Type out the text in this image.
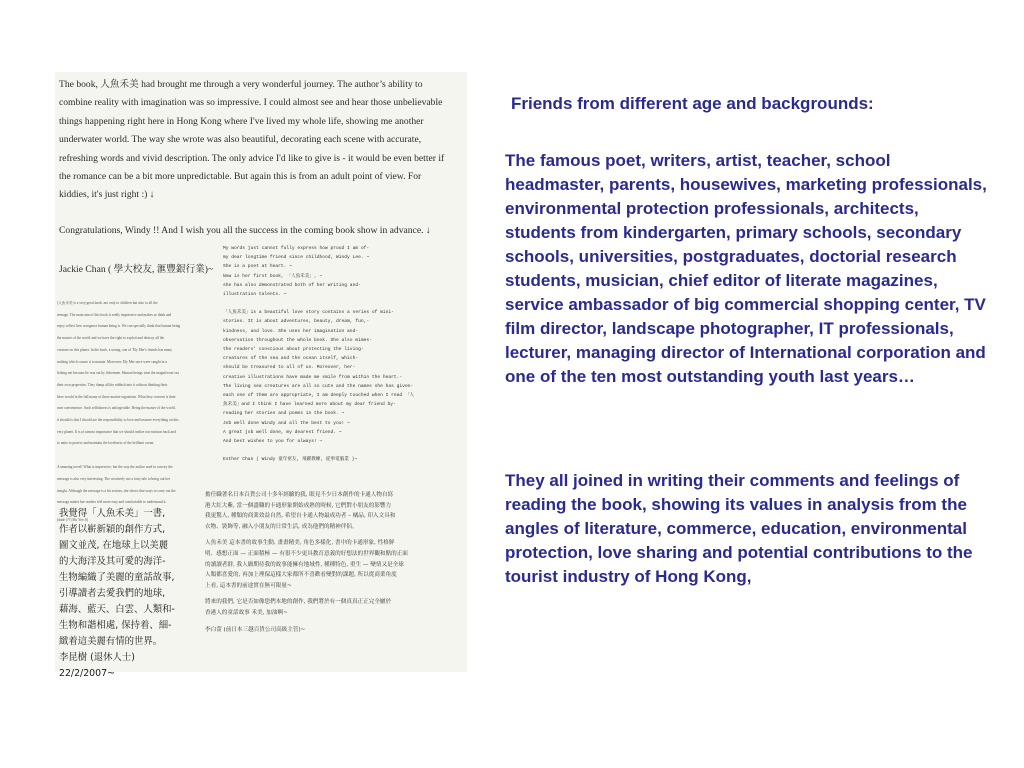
The book, 人魚禾美 had brought me through a very wonderful journey. The author’s ability to

combine reality with imagination was so impressive. I could almost see and hear those unbelievable

things happening right here in Hong Kong where I've lived my whole life, showing me another

underwater world. The way she wrote was also beautiful, decorating each scene with accurate,

refreshing words and vivid description. The only advice I'd like to give is - it would be even better if

the romance can be a bit more unpredictable. But again this is from an adult point of view. For

kiddies, it's just right :) ↓

Congratulations, Windy !! And I wish you all the success in the coming book show in advance. ↓

Jackie Chan ( 學大校友, 滙豐銀行業)~

(人魚禾美 is a very great book, not only to children but also to all the

teenage. The main aim of this book is really impressive and makes us think and

enjoy reflect how arrogance human being is. We can specially think that human being

the master of the world and we have the right to exploit and destroy all the

creature on this planet. In the book, a strong, one of 'Ely Mer's friends has many

nothing which causes it to mutate. Moreover, Ely Mer once were caught in a

fishing net because he was eat by fishermen. Human beings treat the magnificent sea

their own properties. They dump all the rubbish into it without thinking their

have would in the full many of these marine organisms. What they concern is their

own convenience. Such selfishness is unforgivable. Being the master of the world,

it should is that I should are the responsibility to love and treasure everything on this

very planet. It is of utmost importance that we should realize our mission back and

to unite to protect and maintain the loveliness of the brilliant ocean.

A amazing novel! What is impressive, but the way the author used to convey the

message is also very interesting. The creatively use a fairy tale to bring out her

insight. Although the message is a bit serious, she shows that ways to carry out the

message makes her readers feel more easy and comfortable to understand it.

(dade (??) Mx Yee Ji)

My words just cannot fully express how proud I am of-

my dear longtime friend since childhood, Windy Lee. ~

She is a poet at heart. ~

Now is her first book, 「人魚禾美」, ~

she has also demonstrated both of her writing and-

illustration talents. ~

「人魚禾美」is a beautiful love story contains a series of mini-

stories. It is about adventures, beauty, dream, fun,-

kindness, and love. She uses her imagination and-

observation throughout the whole book. She also mimes-

the readers' conscious about protecting the living-

creatures of the sea and the ocean itself, which-

should be treasured to all of us. Moreover, her-

creative illustrations have made me smile from within the heart.-

The living sea creatures are all so cute and the names she has given-

each one of them are appropriate, I am deeply touched when I read 「人

魚禾美」and I think I have learned more about my dear friend by-

reading her stories and poems in the book. ~

Job well done Windy and all the best to you! ~

A great job well done, my dearest friend. ~

And best wishes to you for always! ~

Esther Chan ( Windy 童年密友, 飛躍教練, 從事電腦業 )~

擔任職著名日本百貨公司十多年經驗的我, 眼見不少日本創作的卡通人物自寫

港大紅大紫, 當一個盡職的卡通形象開始成熟的時候, 它們對小朋友的影響力

我更驚人, 種類的商業效益自然, 希望自卡通人物最成功者 – 橘品, 印入文具和

衣物、裝飾等, 融入小朋友的日常生活, 成為他們的精神伴侶。

人魚禾美 這本書的故事生動, 畫畫精美, 角色多樣化, 書中的卡通形象, 性格鮮

明、感想正面 — 正面積極 — 有很不少更具教育意義的好想法的世界觀和點的正面

的讀讀者群, 我人願期待我的故事能擁有地域性, 種種特色, 重生 — 變情又是全球

人類都喜愛的, 再加上理保這樣大家都所不喜歡看變對的課題, 所以從商業角度

上看, 這本書的前途實在無可限量~

將來的我們, 它是否如像您們本地的創作, 我們將於有一個真真正正完全屬於

香港人的童話故事 禾美, 加油啊~

李白蕾 (前日本三越百貨公司高級主管)~

我覺得「人魚禾美」一書,

作者以嶄新穎的創作方式,

圖文並茂, 在地球上以美麗

的大海洋及其可愛的海洋-

生物編織了美麗的童話故事,

引導讀者去愛我們的地球,

藉海、藍天、白雲、人類和-

生物和諧相處, 保持着、細-

緻着這美麗有情的世界。

李昆樹 (退休人士)

22/2/2007~

Friends from different age and backgrounds:

The famous poet, writers, artist, teacher, school headmaster, parents, housewives, marketing professionals, environmental protection professionals, architects, students from kindergarten, primary schools, secondary schools, universities, postgraduates, doctorial research students, musician, chief editor of literate magazines, service ambassador of big commercial shopping center, TV film director, landscape photographer, IT professionals, lecturer, managing director of International corporation and one of the ten most outstanding youth last years…

They all joined in writing their comments and feelings of reading the book, showing its values in analysis from the angles of literature, commerce, education, environmental protection, love sharing and potential contributions to the tourist industry of Hong Kong,
